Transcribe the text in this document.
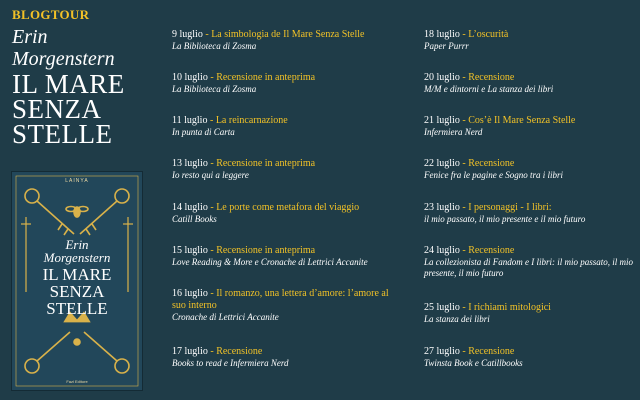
BLOGTOUR
Erin
Morgenstern
IL MARE
SENZA
STELLE
LAINYA
Erin
Morgenstern
IL MARE
SENZA
STELLE
Fazi Editore
9 luglio - La simbologia de Il Mare Senza Stelle
La Biblioteca di Zosma
10 luglio - Recensione in anteprima
La Biblioteca di Zosma
11 luglio - La reincarnazione
In punta di Carta
13 luglio - Recensione in anteprima
Io resto qui a leggere
14 luglio - Le porte come metafora del viaggio
Catill Books
15 luglio - Recensione in anteprima
Love Reading & More e Cronache di Lettrici Accanite
16 luglio - Il romanzo, una lettera d’amore: l’amore al suo interno
Cronache di Lettrici Accanite
17 luglio - Recensione
Books to read e Infermiera Nerd
18 luglio - L’oscurità
Paper Purrr
20 luglio - Recensione
M/M e dintorni e La stanza dei libri
21 luglio - Cos’è Il Mare Senza Stelle
Infermiera Nerd
22 luglio - Recensione
Fenice fra le pagine e Sogno tra i libri
23 luglio - I personaggi - I libri:
il mio passato, il mio presente e il mio futuro
24 luglio - Recensione
La collezionista di Fandom e I libri: il mio passato, il mio presente, il mio futuro
25 luglio - I richiami mitologici
La stanza dei libri
27 luglio - Recensione
Twinsta Book e Catillbooks
